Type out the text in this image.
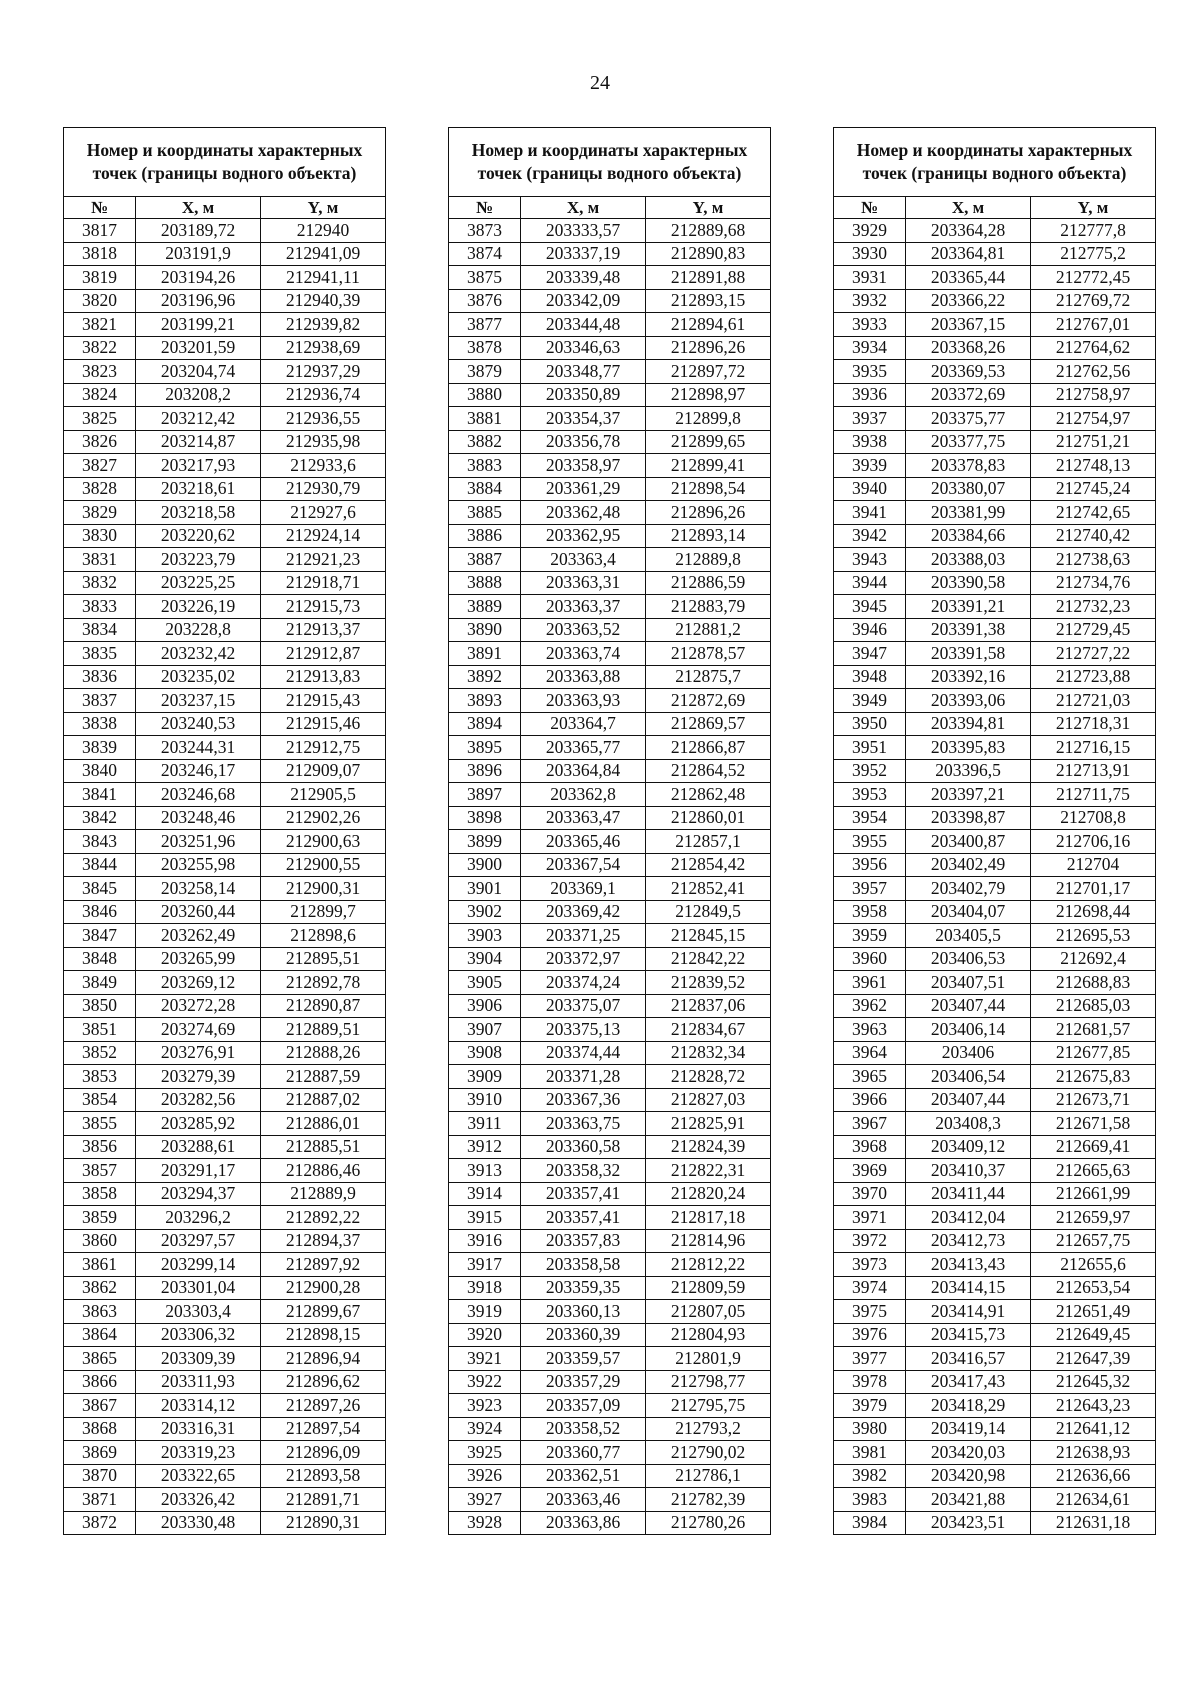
24
Номер и координаты характерных точек (границы водного объекта)		
№	X, м	Y, м
3817	203189,72	212940
3818	203191,9	212941,09
3819	203194,26	212941,11
3820	203196,96	212940,39
3821	203199,21	212939,82
3822	203201,59	212938,69
3823	203204,74	212937,29
3824	203208,2	212936,74
3825	203212,42	212936,55
3826	203214,87	212935,98
3827	203217,93	212933,6
3828	203218,61	212930,79
3829	203218,58	212927,6
3830	203220,62	212924,14
3831	203223,79	212921,23
3832	203225,25	212918,71
3833	203226,19	212915,73
3834	203228,8	212913,37
3835	203232,42	212912,87
3836	203235,02	212913,83
3837	203237,15	212915,43
3838	203240,53	212915,46
3839	203244,31	212912,75
3840	203246,17	212909,07
3841	203246,68	212905,5
3842	203248,46	212902,26
3843	203251,96	212900,63
3844	203255,98	212900,55
3845	203258,14	212900,31
3846	203260,44	212899,7
3847	203262,49	212898,6
3848	203265,99	212895,51
3849	203269,12	212892,78
3850	203272,28	212890,87
3851	203274,69	212889,51
3852	203276,91	212888,26
3853	203279,39	212887,59
3854	203282,56	212887,02
3855	203285,92	212886,01
3856	203288,61	212885,51
3857	203291,17	212886,46
3858	203294,37	212889,9
3859	203296,2	212892,22
3860	203297,57	212894,37
3861	203299,14	212897,92
3862	203301,04	212900,28
3863	203303,4	212899,67
3864	203306,32	212898,15
3865	203309,39	212896,94
3866	203311,93	212896,62
3867	203314,12	212897,26
3868	203316,31	212897,54
3869	203319,23	212896,09
3870	203322,65	212893,58
3871	203326,42	212891,71
3872	203330,48	212890,31
Номер и координаты характерных точек (границы водного объекта)		
№	X, м	Y, м
3873	203333,57	212889,68
3874	203337,19	212890,83
3875	203339,48	212891,88
3876	203342,09	212893,15
3877	203344,48	212894,61
3878	203346,63	212896,26
3879	203348,77	212897,72
3880	203350,89	212898,97
3881	203354,37	212899,8
3882	203356,78	212899,65
3883	203358,97	212899,41
3884	203361,29	212898,54
3885	203362,48	212896,26
3886	203362,95	212893,14
3887	203363,4	212889,8
3888	203363,31	212886,59
3889	203363,37	212883,79
3890	203363,52	212881,2
3891	203363,74	212878,57
3892	203363,88	212875,7
3893	203363,93	212872,69
3894	203364,7	212869,57
3895	203365,77	212866,87
3896	203364,84	212864,52
3897	203362,8	212862,48
3898	203363,47	212860,01
3899	203365,46	212857,1
3900	203367,54	212854,42
3901	203369,1	212852,41
3902	203369,42	212849,5
3903	203371,25	212845,15
3904	203372,97	212842,22
3905	203374,24	212839,52
3906	203375,07	212837,06
3907	203375,13	212834,67
3908	203374,44	212832,34
3909	203371,28	212828,72
3910	203367,36	212827,03
3911	203363,75	212825,91
3912	203360,58	212824,39
3913	203358,32	212822,31
3914	203357,41	212820,24
3915	203357,41	212817,18
3916	203357,83	212814,96
3917	203358,58	212812,22
3918	203359,35	212809,59
3919	203360,13	212807,05
3920	203360,39	212804,93
3921	203359,57	212801,9
3922	203357,29	212798,77
3923	203357,09	212795,75
3924	203358,52	212793,2
3925	203360,77	212790,02
3926	203362,51	212786,1
3927	203363,46	212782,39
3928	203363,86	212780,26
Номер и координаты характерных точек (границы водного объекта)		
№	X, м	Y, м
3929	203364,28	212777,8
3930	203364,81	212775,2
3931	203365,44	212772,45
3932	203366,22	212769,72
3933	203367,15	212767,01
3934	203368,26	212764,62
3935	203369,53	212762,56
3936	203372,69	212758,97
3937	203375,77	212754,97
3938	203377,75	212751,21
3939	203378,83	212748,13
3940	203380,07	212745,24
3941	203381,99	212742,65
3942	203384,66	212740,42
3943	203388,03	212738,63
3944	203390,58	212734,76
3945	203391,21	212732,23
3946	203391,38	212729,45
3947	203391,58	212727,22
3948	203392,16	212723,88
3949	203393,06	212721,03
3950	203394,81	212718,31
3951	203395,83	212716,15
3952	203396,5	212713,91
3953	203397,21	212711,75
3954	203398,87	212708,8
3955	203400,87	212706,16
3956	203402,49	212704
3957	203402,79	212701,17
3958	203404,07	212698,44
3959	203405,5	212695,53
3960	203406,53	212692,4
3961	203407,51	212688,83
3962	203407,44	212685,03
3963	203406,14	212681,57
3964	203406	212677,85
3965	203406,54	212675,83
3966	203407,44	212673,71
3967	203408,3	212671,58
3968	203409,12	212669,41
3969	203410,37	212665,63
3970	203411,44	212661,99
3971	203412,04	212659,97
3972	203412,73	212657,75
3973	203413,43	212655,6
3974	203414,15	212653,54
3975	203414,91	212651,49
3976	203415,73	212649,45
3977	203416,57	212647,39
3978	203417,43	212645,32
3979	203418,29	212643,23
3980	203419,14	212641,12
3981	203420,03	212638,93
3982	203420,98	212636,66
3983	203421,88	212634,61
3984	203423,51	212631,18
